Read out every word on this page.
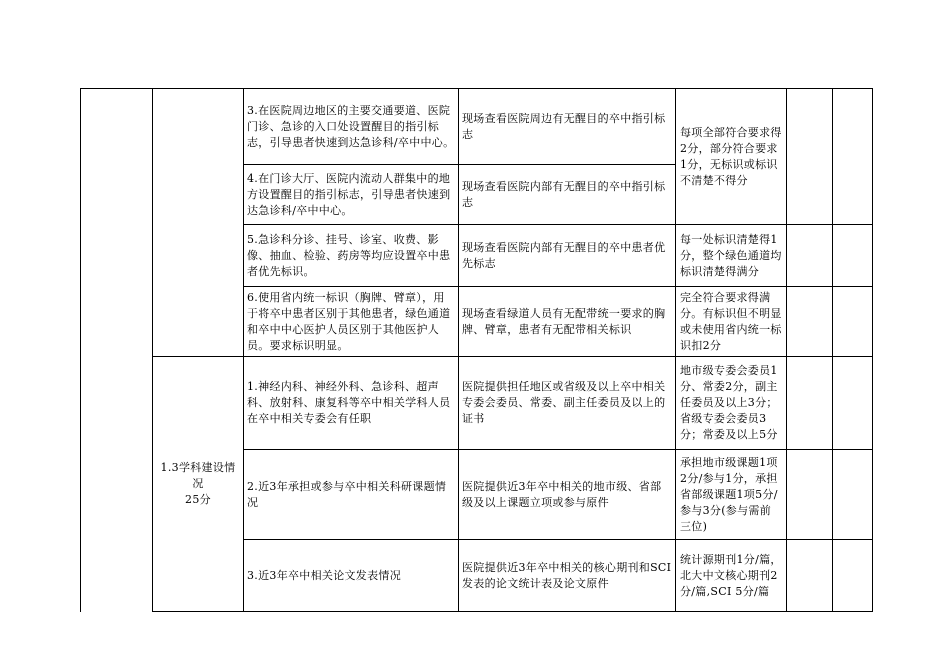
1.3学科建设情况
25分
3.在医院周边地区的主要交通要道、医院门诊、急诊的入口处设置醒目的指引标志，引导患者快速到达急诊科/卒中中心。
现场查看医院周边有无醒目的卒中指引标志
4.在门诊大厅、医院内流动人群集中的地方设置醒目的指引标志，引导患者快速到达急诊科/卒中中心。
现场查看医院内部有无醒目的卒中指引标志
每项全部符合要求得2分，部分符合要求1分，无标识或标识不清楚不得分
5.急诊科分诊、挂号、诊室、收费、影像、抽血、检验、药房等均应设置卒中患者优先标识。
现场查看医院内部有无醒目的卒中患者优先标志
每一处标识清楚得1分，整个绿色通道均标识清楚得满分
6.使用省内统一标识（胸牌、臂章），用于将卒中患者区别于其他患者，绿色通道和卒中中心医护人员区别于其他医护人员。要求标识明显。
现场查看绿道人员有无配带统一要求的胸牌、臂章，患者有无配带相关标识
完全符合要求得满分。有标识但不明显或未使用省内统一标识扣2分
1.神经内科、神经外科、急诊科、超声科、放射科、康复科等卒中相关学科人员在卒中相关专委会有任职
医院提供担任地区或省级及以上卒中相关专委会委员、常委、副主任委员及以上的证书
地市级专委会委员1分、常委2分，副主任委员及以上3分；省级专委会委员3分；常委及以上5分
2.近3年承担或参与卒中相关科研课题情况
医院提供近3年卒中相关的地市级、省部级及以上课题立项或参与原件
承担地市级课题1项2分/参与1分，承担省部级课题1项5分/参与3分(参与需前三位)
3.近3年卒中相关论文发表情况
医院提供近3年卒中相关的核心期刊和SCI发表的论文统计表及论文原件
统计源期刊1分/篇，北大中文核心期刊2分/篇,SCI 5分/篇
